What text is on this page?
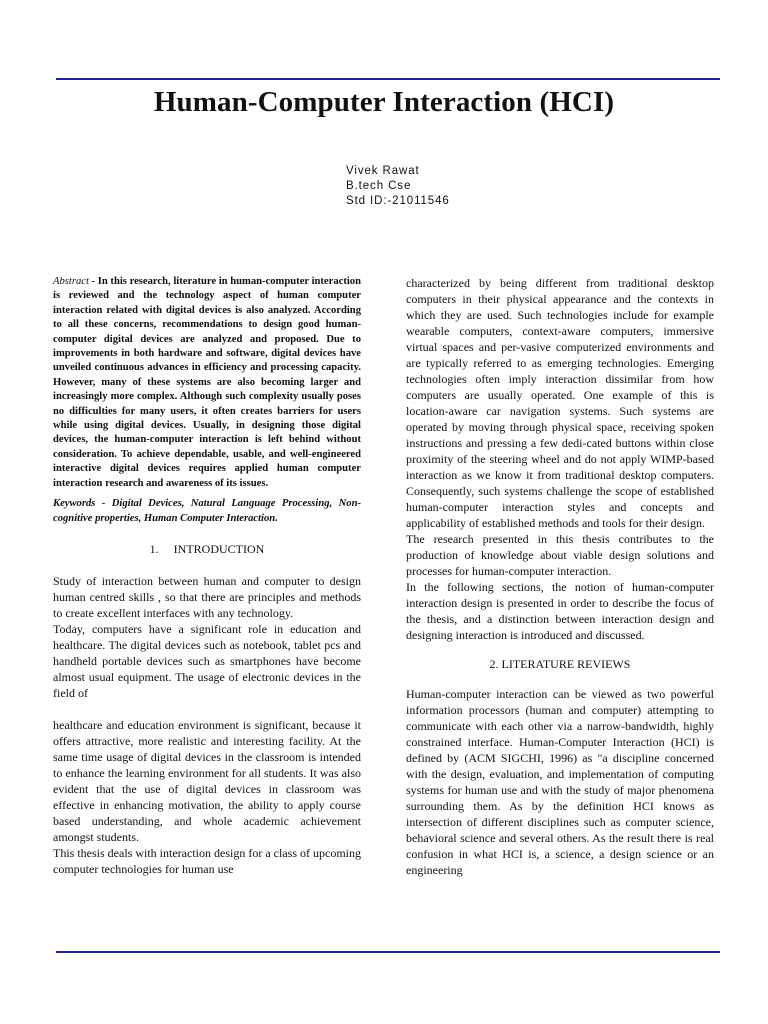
Human-Computer Interaction (HCI)
Vivek Rawat
B.tech Cse
Std ID:-21011546

Abstract - In this research, literature in human-computer interaction is reviewed and the technology aspect of human computer interaction related with digital devices is also analyzed. According to all these concerns, recommendations to design good human-computer digital devices are analyzed and proposed. Due to improvements in both hardware and software, digital devices have unveiled continuous advances in efficiency and processing capacity. However, many of these systems are also becoming larger and increasingly more complex. Although such complexity usually poses no difficulties for many users, it often creates barriers for users while using digital devices. Usually, in designing those digital devices, the human-computer interaction is left behind without consideration. To achieve dependable, usable, and well-engineered interactive digital devices requires applied human computer interaction research and awareness of its issues.

Keywords - Digital Devices, Natural Language Processing, Non-cognitive properties, Human Computer Interaction.

1.     INTRODUCTION

Study of interaction between human and computer to design human centred skills , so that there are principles and methods to create excellent interfaces with any technology.

Today, computers have a significant role in education and healthcare. The digital devices such as notebook, tablet pcs and handheld portable devices such as smartphones have become almost usual equipment. The usage of electronic devices in the field of

healthcare and education environment is significant, because it offers attractive, more realistic and interesting facility. At the same time usage of digital devices in the classroom is intended to enhance the learning environment for all students. It was also evident that the use of digital devices in classroom was effective in enhancing motivation, the ability to apply course based understanding, and whole academic achievement amongst students.

This thesis deals with interaction design for a class of upcoming computer technologies for human use

characterized by being different from traditional desktop computers in their physical appearance and the contexts in which they are used. Such technologies include for example wearable computers, context-aware computers, immersive virtual spaces and per-vasive computerized environments and are typically referred to as emerging technologies. Emerging technologies often imply interaction dissimilar from how computers are usually operated. One example of this is location-aware car navigation systems. Such systems are operated by moving through physical space, receiving spoken instructions and pressing a few dedi-cated buttons within close proximity of the steering wheel and do not apply WIMP-based interaction as we know it from traditional desktop computers. Consequently, such systems challenge the scope of established human-computer interaction styles and concepts and applicability of established methods and tools for their design.

The research presented in this thesis contributes to the production of knowledge about viable design solutions and processes for human-computer interaction.

In the following sections, the notion of human-computer interaction design is presented in order to describe the focus of the thesis, and a distinction between interaction design and designing interaction is introduced and discussed.

2. LITERATURE REVIEWS

Human-computer interaction can be viewed as two powerful information processors (human and computer) attempting to communicate with each other via a narrow-bandwidth, highly constrained interface. Human-Computer Interaction (HCI) is defined by (ACM SIGCHI, 1996) as "a discipline concerned with the design, evaluation, and implementation of computing systems for human use and with the study of major phenomena surrounding them. As by the definition HCI knows as intersection of different disciplines such as computer science, behavioral science and several others. As the result there is real confusion in what HCI is, a science, a design science or an engineering
